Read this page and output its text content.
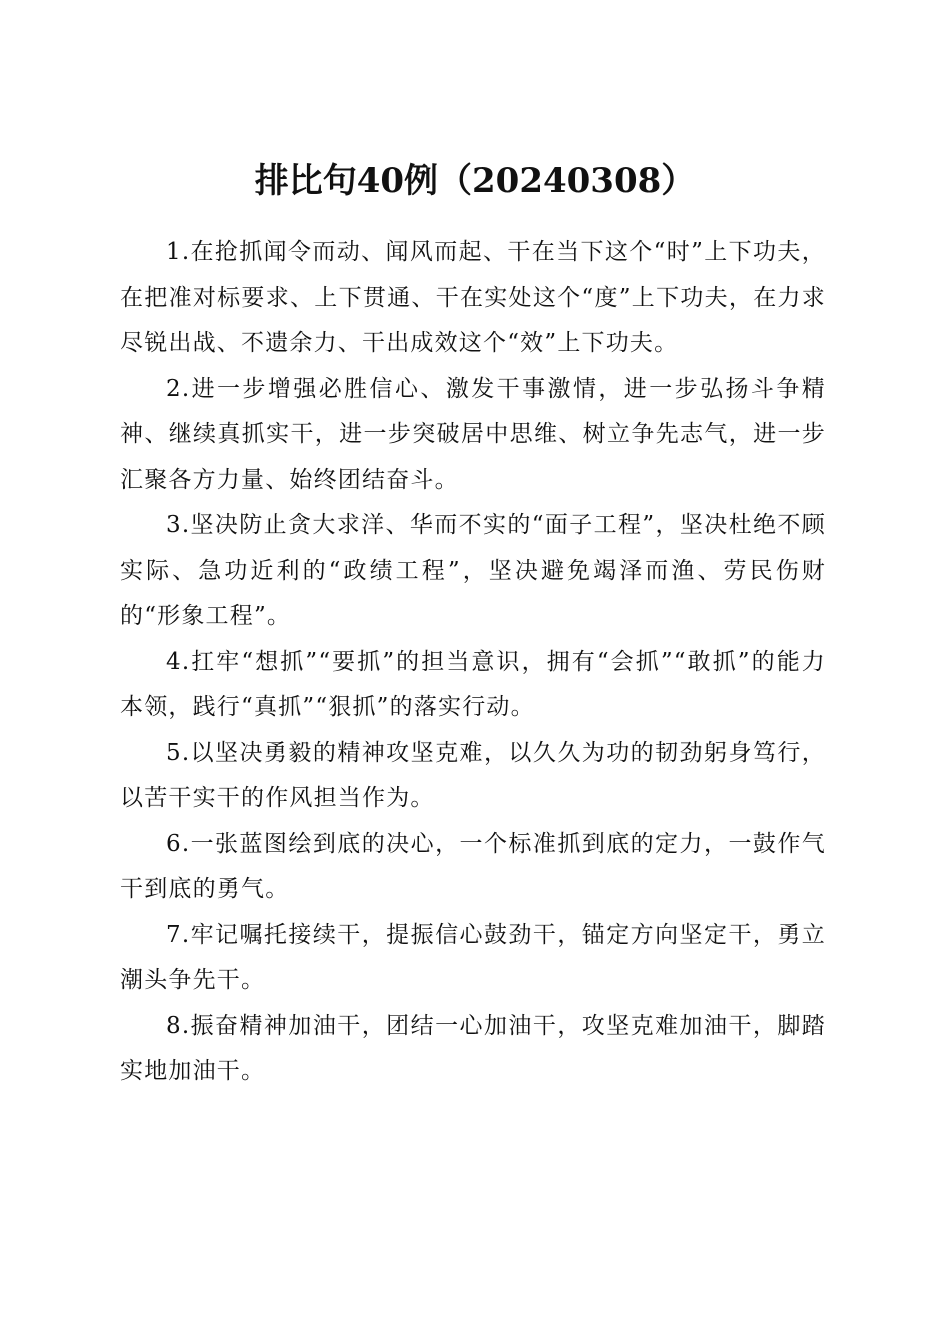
排比句40例（20240308）

1.在抢抓闻令而动、闻风而起、干在当下这个“时”上下功夫，在把准对标要求、上下贯通、干在实处这个“度”上下功夫，在力求尽锐出战、不遗余力、干出成效这个“效”上下功夫。

2.进一步增强必胜信心、激发干事激情，进一步弘扬斗争精神、继续真抓实干，进一步突破居中思维、树立争先志气，进一步汇聚各方力量、始终团结奋斗。

3.坚决防止贪大求洋、华而不实的“面子工程”，坚决杜绝不顾实际、急功近利的“政绩工程”，坚决避免竭泽而渔、劳民伤财的“形象工程”。

4.扛牢“想抓”“要抓”的担当意识，拥有“会抓”“敢抓”的能力本领，践行“真抓”“狠抓”的落实行动。

5.以坚决勇毅的精神攻坚克难，以久久为功的韧劲躬身笃行，以苦干实干的作风担当作为。

6.一张蓝图绘到底的决心，一个标准抓到底的定力，一鼓作气干到底的勇气。

7.牢记嘱托接续干，提振信心鼓劲干，锚定方向坚定干，勇立潮头争先干。

8.振奋精神加油干，团结一心加油干，攻坚克难加油干，脚踏实地加油干。
